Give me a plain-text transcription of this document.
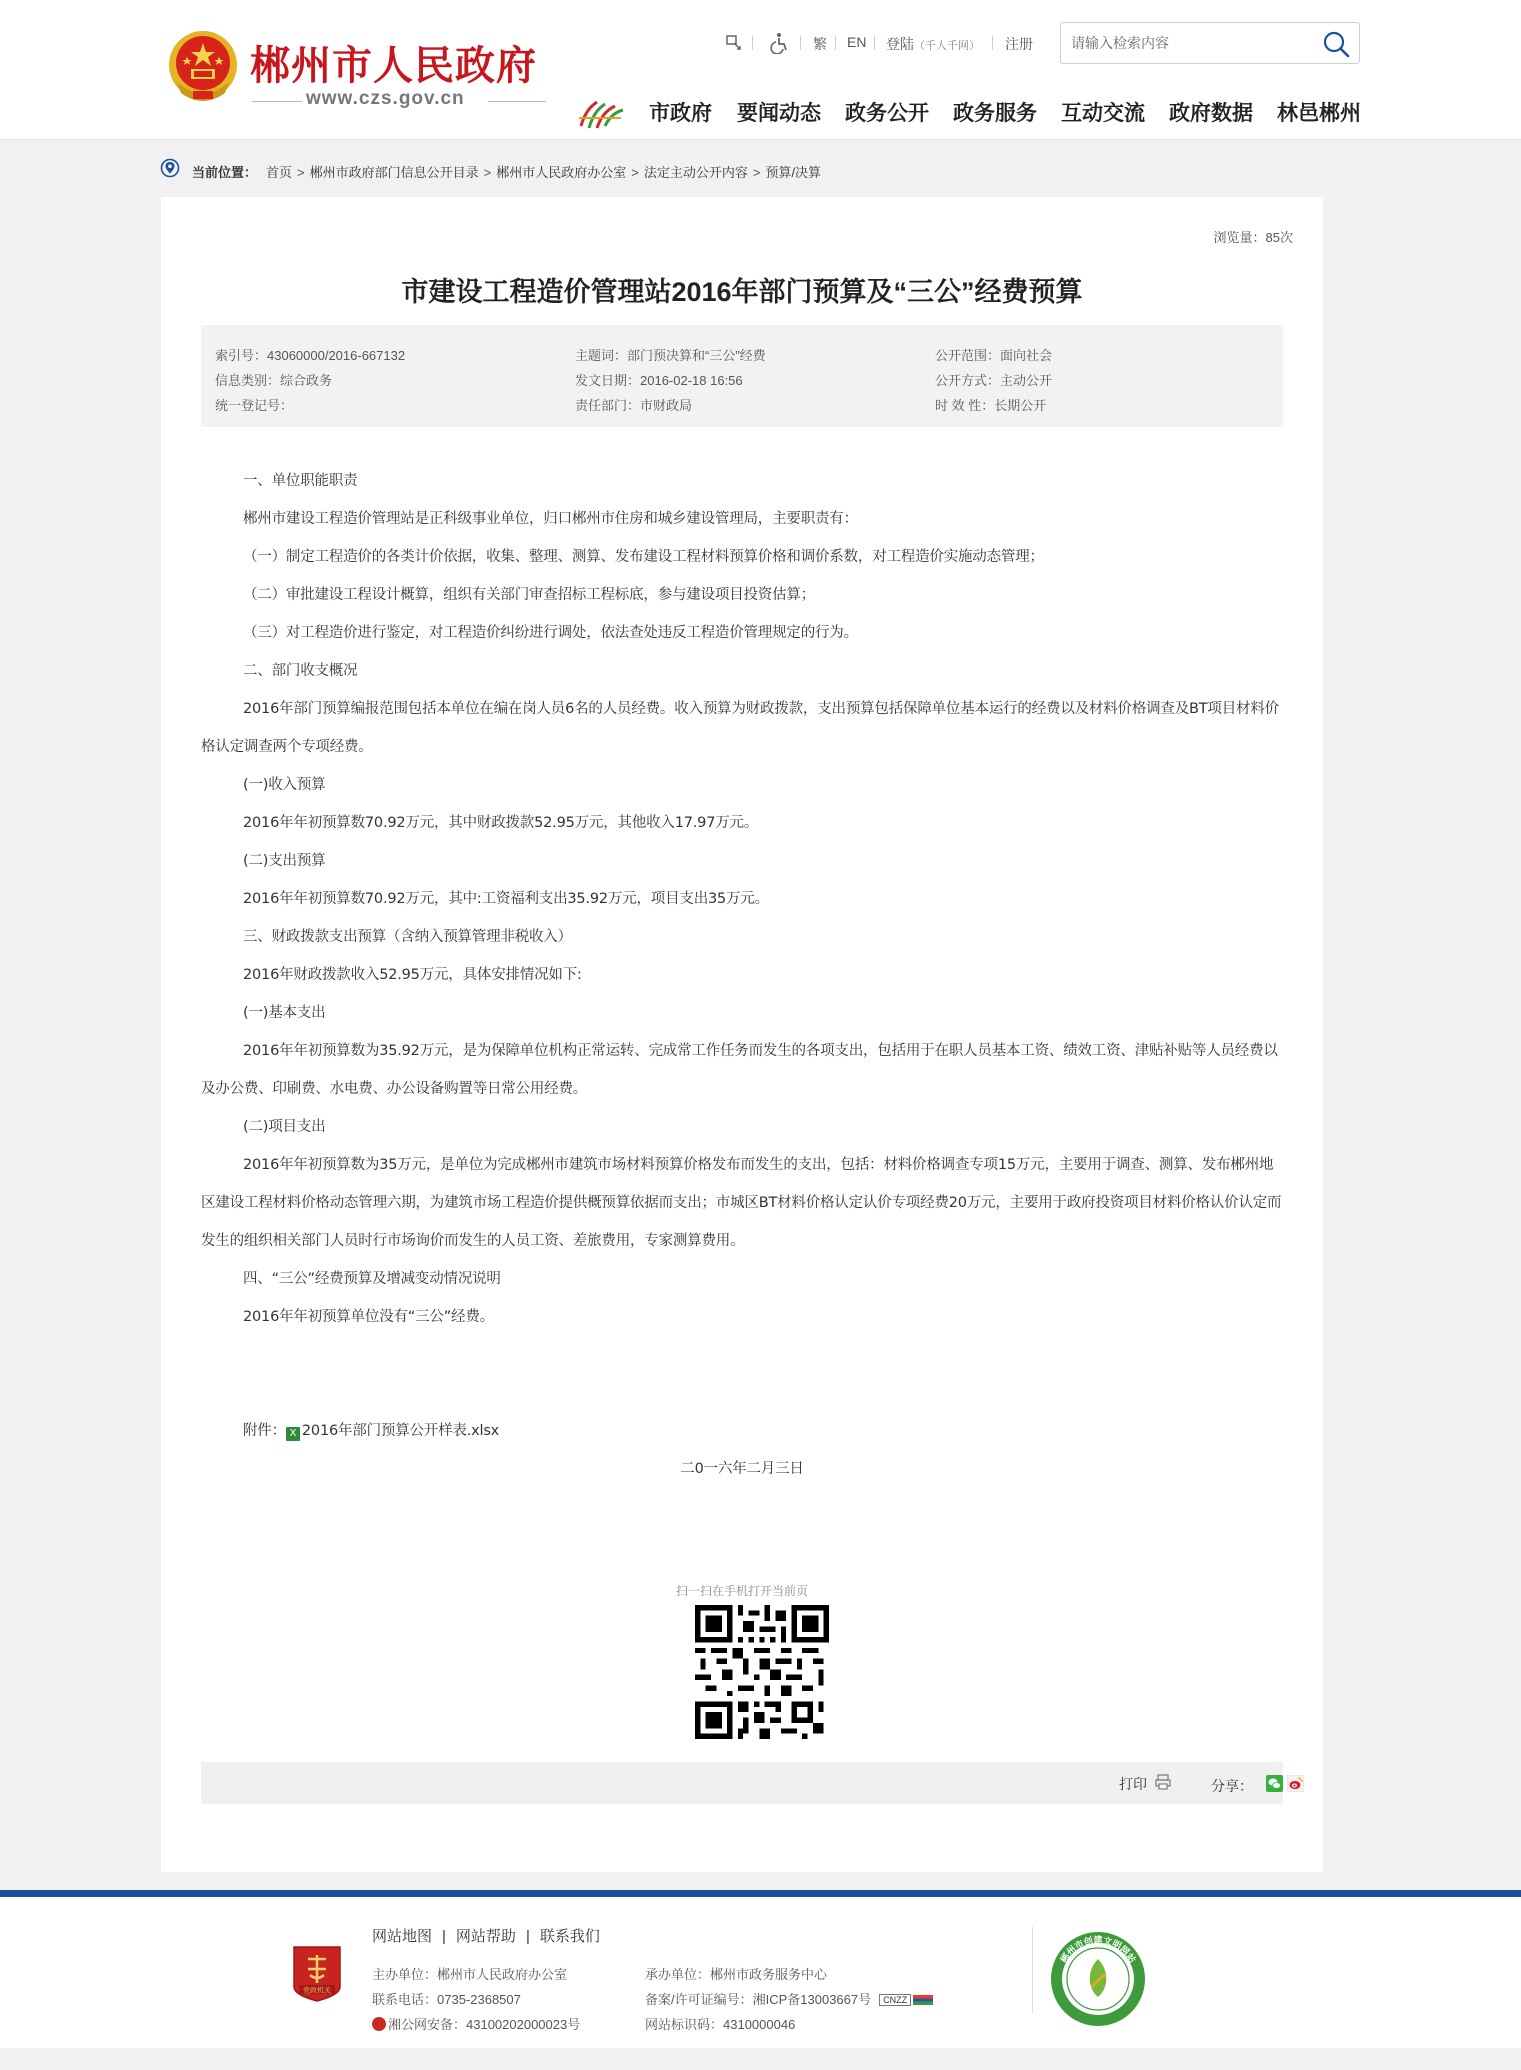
郴州市人民政府
www.czs.gov.cn
繁 EN 登陆（千人千网） 注册
请输入检索内容
市政府 要闻动态 政务公开 政务服务 互动交流 政府数据 林邑郴州
当前位置： 首页 > 郴州市政府部门信息公开目录 > 郴州市人民政府办公室 > 法定主动公开内容 > 预算/决算
浏览量：85次
市建设工程造价管理站2016年部门预算及“三公”经费预算
索引号：43060000/2016-667132
信息类别：综合政务
统一登记号：
主题词：部门预决算和“三公”经费
发文日期：2016-02-18 16:56
责任部门：市财政局
公开范围：面向社会
公开方式：主动公开
时 效 性：长期公开

一、单位职能职责

郴州市建设工程造价管理站是正科级事业单位，归口郴州市住房和城乡建设管理局，主要职责有：

（一）制定工程造价的各类计价依据，收集、整理、测算、发布建设工程材料预算价格和调价系数，对工程造价实施动态管理；

（二）审批建设工程设计概算，组织有关部门审查招标工程标底，参与建设项目投资估算；

（三）对工程造价进行鉴定，对工程造价纠纷进行调处，依法查处违反工程造价管理规定的行为。

二、部门收支概况

2016年部门预算编报范围包括本单位在编在岗人员6名的人员经费。收入预算为财政拨款，支出预算包括保障单位基本运行的经费以及材料价格调查及BT项目材料价格认定调查两个专项经费。

(一)收入预算

2016年年初预算数70.92万元，其中财政拨款52.95万元，其他收入17.97万元。

(二)支出预算

2016年年初预算数70.92万元，其中:工资福利支出35.92万元，项目支出35万元。

三、财政拨款支出预算（含纳入预算管理非税收入）

2016年财政拨款收入52.95万元，具体安排情况如下:

(一)基本支出

2016年年初预算数为35.92万元，是为保障单位机构正常运转、完成常工作任务而发生的各项支出，包括用于在职人员基本工资、绩效工资、津贴补贴等人员经费以及办公费、印刷费、水电费、办公设备购置等日常公用经费。

(二)项目支出

2016年年初预算数为35万元，是单位为完成郴州市建筑市场材料预算价格发布而发生的支出，包括：材料价格调查专项15万元，主要用于调查、测算、发布郴州地区建设工程材料价格动态管理六期，为建筑市场工程造价提供概预算依据而支出；市城区BT材料价格认定认价专项经费20万元，主要用于政府投资项目材料价格认价认定而发生的组织相关部门人员时行市场询价而发生的人员工资、差旅费用，专家测算费用。

四、“三公”经费预算及增减变动情况说明

2016年年初预算单位没有“三公”经费。

附件： X 2016年部门预算公开样表.xlsx

二0一六年二月三日

扫一扫在手机打开当前页
打印	分享：
党政机关
网站地图 | 网站帮助 | 联系我们
主办单位：郴州市人民政府办公室
联系电话：0735-2368507
湘公网安备：43100202000023号
承办单位：郴州市政务服务中心
备案/许可证编号：湘ICP备13003667号 CNZZ
网站标识码：4310000046
郴州市创建文明网站
